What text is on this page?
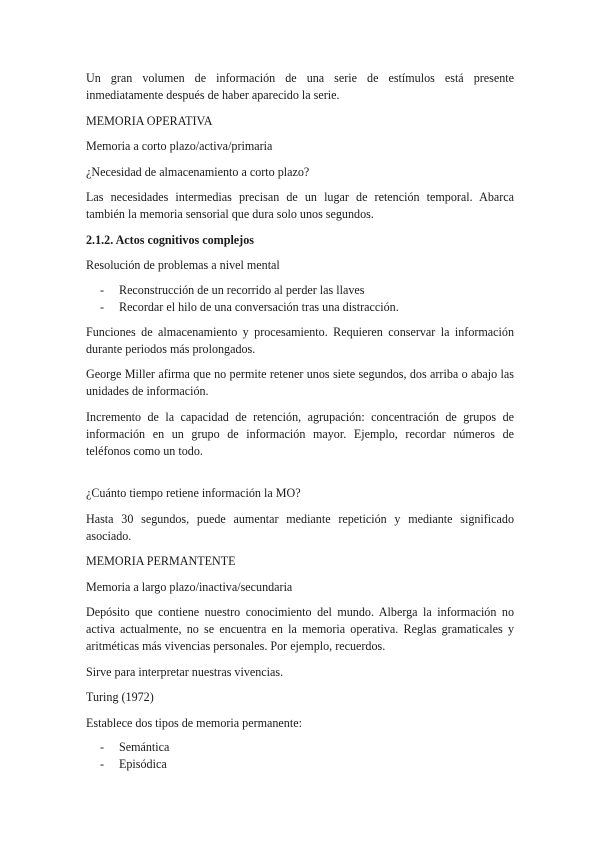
Un gran volumen de información de una serie de estímulos está presente inmediatamente después de haber aparecido la serie.

MEMORIA OPERATIVA

Memoria a corto plazo/activa/primaria

¿Necesidad de almacenamiento a corto plazo?

Las necesidades intermedias precisan de un lugar de retención temporal. Abarca también la memoria sensorial que dura solo unos segundos.

2.1.2. Actos cognitivos complejos

Resolución de problemas a nivel mental

- Reconstrucción de un recorrido al perder las llaves
- Recordar el hilo de una conversación tras una distracción.

Funciones de almacenamiento y procesamiento. Requieren conservar la información durante periodos más prolongados.

George Miller afirma que no permite retener unos siete segundos, dos arriba o abajo las unidades de información.

Incremento de la capacidad de retención, agrupación: concentración de grupos de información en un grupo de información mayor. Ejemplo, recordar números de teléfonos como un todo.

¿Cuánto tiempo retiene información la MO?

Hasta 30 segundos, puede aumentar mediante repetición y mediante significado asociado.

MEMORIA PERMANTENTE

Memoria a largo plazo/inactiva/secundaria

Depósito que contiene nuestro conocimiento del mundo. Alberga la información no activa actualmente, no se encuentra en la memoria operativa. Reglas gramaticales y aritméticas más vivencias personales. Por ejemplo, recuerdos.

Sirve para interpretar nuestras vivencias.

Turing (1972)

Establece dos tipos de memoria permanente:

- Semántica
- Episódica
